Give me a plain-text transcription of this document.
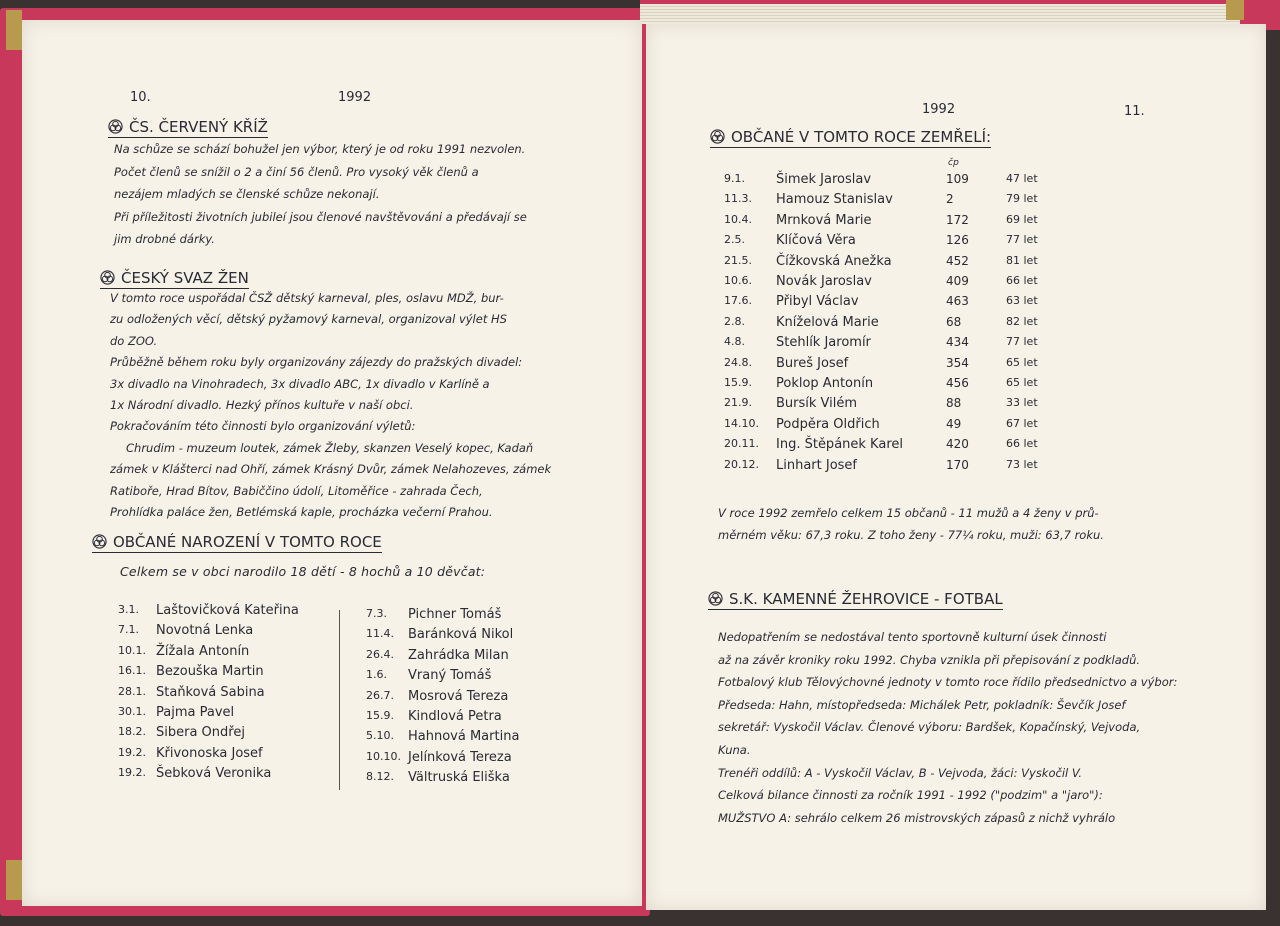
10.	1992
ČS. ČERVENÝ KŘÍŽ
Na schůze se schází bohužel jen výbor, který je od roku 1991 nezvolen.
Počet členů se snížil o 2 a činí 56 členů. Pro vysoký věk členů a
nezájem mladých se členské schůze nekonají.
Při příležitosti životních jubileí jsou členové navštěvováni a předávají se
jim drobné dárky.
ČESKÝ SVAZ ŽEN
V tomto roce uspořádal ČSŽ dětský karneval, ples, oslavu MDŽ, bur-
zu odložených věcí, dětský pyžamový karneval, organizoval výlet HS
do ZOO.
Průběžně během roku byly organizovány zájezdy do pražských divadel:
3x divadlo na Vinohradech, 3x divadlo ABC, 1x divadlo v Karlíně a
1x Národní divadlo. Hezký přínos kultuře v naší obci.
Pokračováním této činnosti bylo organizování výletů:
Chrudim - muzeum loutek, zámek Žleby, skanzen Veselý kopec, Kadaň
zámek v Klášterci nad Ohří, zámek Krásný Dvůr, zámek Nelahozeves, zámek
Ratiboře, Hrad Bítov, Babiččino údolí, Litoměřice - zahrada Čech,
Prohlídka paláce žen, Betlémská kaple, procházka večerní Prahou.
OBČANÉ NAROZENÍ V TOMTO ROCE
Celkem se v obci narodilo 18 dětí - 8 hochů a 10 děvčat:
3.1. Laštovičková Kateřina
7.1. Novotná Lenka
10.1. Žížala Antonín
16.1. Bezouška Martin
28.1. Staňková Sabina
30.1. Pajma Pavel
18.2. Sibera Ondřej
19.2. Křivonoska Josef
19.2. Šebková Veronika
7.3. Pichner Tomáš
11.4. Baránková Nikol
26.4. Zahrádka Milan
1.6. Vraný Tomáš
26.7. Mosrová Tereza
15.9. Kindlová Petra
5.10. Hahnová Martina
10.10. Jelínková Tereza
8.12. Vältruská Eliška
1992	11.
OBČANÉ V TOMTO ROCE ZEMŘELÍ:
čp
9.1. Šimek Jaroslav	109	47 let
11.3. Hamouz Stanislav	2	79 let
10.4. Mrnková Marie	172	69 let
2.5. Klíčová Věra	126	77 let
21.5. Čížkovská Anežka	452	81 let
10.6. Novák Jaroslav	409	66 let
17.6. Přibyl Václav	463	63 let
2.8. Kníželová Marie	68	82 let
4.8. Stehlík Jaromír	434	77 let
24.8. Bureš Josef	354	65 let
15.9. Poklop Antonín	456	65 let
21.9. Bursík Vilém	88	33 let
14.10. Podpěra Oldřich	49	67 let
20.11. Ing. Štěpánek Karel	420	66 let
20.12. Linhart Josef	170	73 let
V roce 1992 zemřelo celkem 15 občanů - 11 mužů a 4 ženy v prů-
měrném věku: 67,3 roku. Z toho ženy - 77¼ roku, muži: 63,7 roku.
S.K. KAMENNÉ ŽEHROVICE - FOTBAL
Nedopatřením se nedostával tento sportovně kulturní úsek činnosti
až na závěr kroniky roku 1992. Chyba vznikla při přepisování z podkladů.
Fotbalový klub Tělovýchovné jednoty v tomto roce řídilo předsednictvo a výbor:
Předseda: Hahn, místopředseda: Michálek Petr, pokladník: Ševčík Josef
sekretář: Vyskočil Václav. Členové výboru: Bardšek, Kopačínský, Vejvoda,
Kuna.
Trenéři oddílů: A - Vyskočil Václav, B - Vejvoda, žáci: Vyskočil V.
Celková bilance činnosti za ročník 1991 - 1992 ("podzim" a "jaro"):
MUŽSTVO A: sehrálo celkem 26 mistrovských zápasů z nichž vyhrálo
